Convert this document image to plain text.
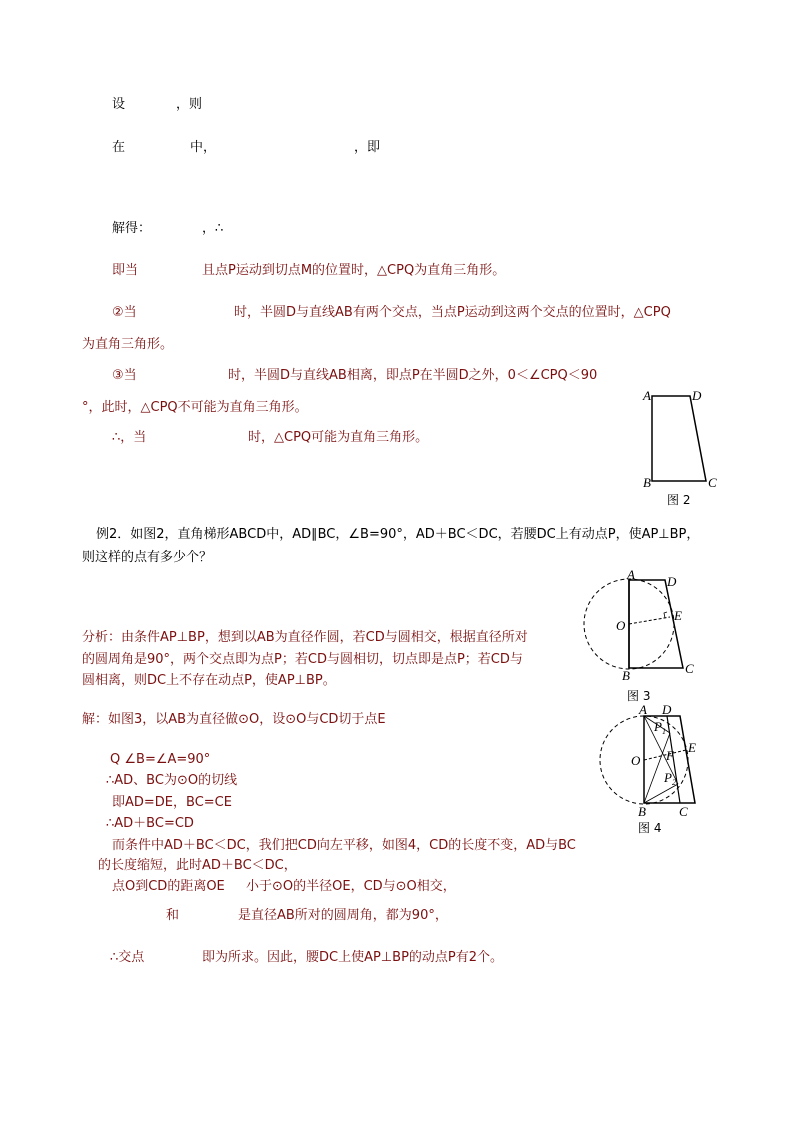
设	，则
在	中，	，即
解得：	，∴
即当	且点P运动到切点M的位置时，△CPQ为直角三角形。
②当	时，半圆D与直线AB有两个交点，当点P运动到这两个交点的位置时，△CPQ
为直角三角形。
③当	时，半圆D与直线AB相离，即点P在半圆D之外，0＜∠CPQ＜90
°，此时，△CPQ不可能为直角三角形。
∴，当	时，△CPQ可能为直角三角形。
例2．如图2，直角梯形ABCD中，AD∥BC，∠B=90°，AD＋BC＜DC，若腰DC上有动点P，使AP⊥BP，
则这样的点有多少个？
分析：由条件AP⊥BP，想到以AB为直径作圆，若CD与圆相交，根据直径所对
的圆周角是90°，两个交点即为点P；若CD与圆相切，切点即是点P；若CD与
圆相离，则DC上不存在动点P，使AP⊥BP。
解：如图3，以AB为直径做⊙O，设⊙O与CD切于点E
Q ∠B=∠A=90°
∴AD、BC为⊙O的切线
即AD=DE，BC=CE
∴AD＋BC=CD
而条件中AD＋BC＜DC，我们把CD向左平移，如图4，CD的长度不变，AD与BC
的长度缩短，此时AD＋BC＜DC，
点O到CD的距离OE 小于⊙O的半径OE，CD与⊙O相交，
和	是直径AB所对的圆周角，都为90°，
∴交点	即为所求。因此，腰DC上使AP⊥BP的动点P有2个。
A	D
B	C
图 2
A D
E
O
B	C
图 3
A D
$P_1$
E
F
O
$P_2$
B	C
图 4
